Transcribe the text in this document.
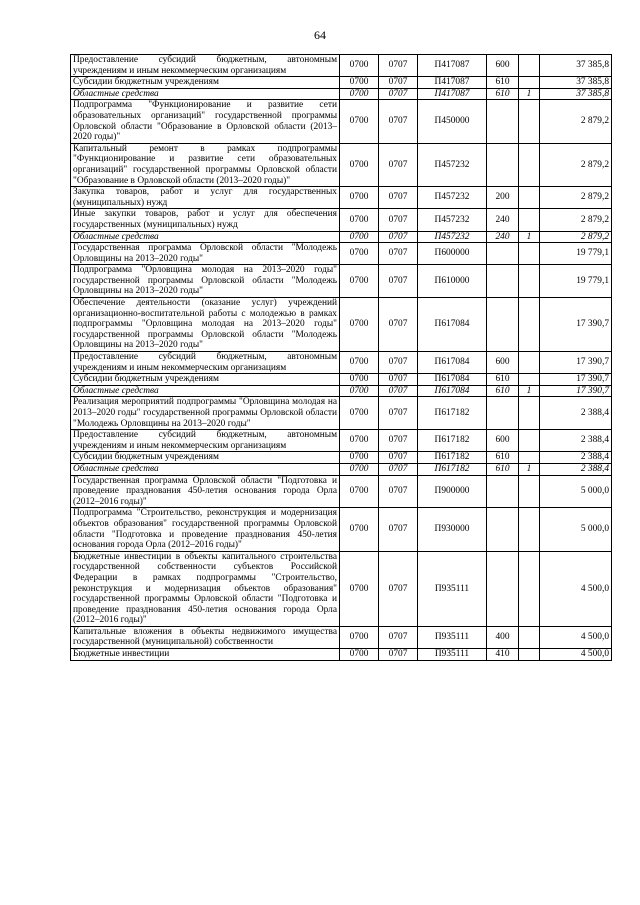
64
Предоставление субсидий бюджетным, автономным учреждениям и иным некоммерческим организациям	0700	0707	П417087	600		37 385,8
Субсидии бюджетным учреждениям	0700	0707	П417087	610		37 385,8
Областные средства	0700	0707	П417087	610	1	37 385,8
Подпрограмма "Функционирование и развитие сети образовательных организаций" государственной программы Орловской области "Образование в Орловской области (2013–2020 годы)"	0700	0707	П450000			2 879,2
Капитальный ремонт в рамках подпрограммы "Функционирование и развитие сети образовательных организаций" государственной программы Орловской области "Образование в Орловской области (2013–2020 годы)"	0700	0707	П457232			2 879,2
Закупка товаров, работ и услуг для государственных (муниципальных) нужд	0700	0707	П457232	200		2 879,2
Иные закупки товаров, работ и услуг для обеспечения государственных (муниципальных) нужд	0700	0707	П457232	240		2 879,2
Областные средства	0700	0707	П457232	240	1	2 879,2
Государственная программа Орловской области "Молодежь Орловщины на 2013–2020 годы"	0700	0707	П600000			19 779,1
Подпрограмма "Орловщина молодая на 2013–2020 годы" государственной программы Орловской области "Молодежь Орловщины на 2013–2020 годы"	0700	0707	П610000			19 779,1
Обеспечение деятельности (оказание услуг) учреждений организационно-воспитательной работы с молодежью в рамках подпрограммы "Орловщина молодая на 2013–2020 годы" государственной программы Орловской области "Молодежь Орловщины на 2013–2020 годы"	0700	0707	П617084			17 390,7
Предоставление субсидий бюджетным, автономным учреждениям и иным некоммерческим организациям	0700	0707	П617084	600		17 390,7
Субсидии бюджетным учреждениям	0700	0707	П617084	610		17 390,7
Областные средства	0700	0707	П617084	610	1	17 390,7
Реализация мероприятий подпрограммы "Орловщина молодая на 2013–2020 годы" государственной программы Орловской области "Молодежь Орловщины на 2013–2020 годы"	0700	0707	П617182			2 388,4
Предоставление субсидий бюджетным, автономным учреждениям и иным некоммерческим организациям	0700	0707	П617182	600		2 388,4
Субсидии бюджетным учреждениям	0700	0707	П617182	610		2 388,4
Областные средства	0700	0707	П617182	610	1	2 388,4
Государственная программа Орловской области "Подготовка и проведение празднования 450-летия основания города Орла (2012–2016 годы)"	0700	0707	П900000			5 000,0
Подпрограмма "Строительство, реконструкция и модернизация объектов образования" государственной программы Орловской области "Подготовка и проведение празднования 450-летия основания города Орла (2012–2016 годы)"	0700	0707	П930000			5 000,0
Бюджетные инвестиции в объекты капитального строительства государственной собственности субъектов Российской Федерации в рамках подпрограммы "Строительство, реконструкция и модернизация объектов образования" государственной программы Орловской области "Подготовка и проведение празднования 450-летия основания города Орла (2012–2016 годы)"	0700	0707	П935111			4 500,0
Капитальные вложения в объекты недвижимого имущества государственной (муниципальной) собственности	0700	0707	П935111	400		4 500,0
Бюджетные инвестиции	0700	0707	П935111	410		4 500,0
